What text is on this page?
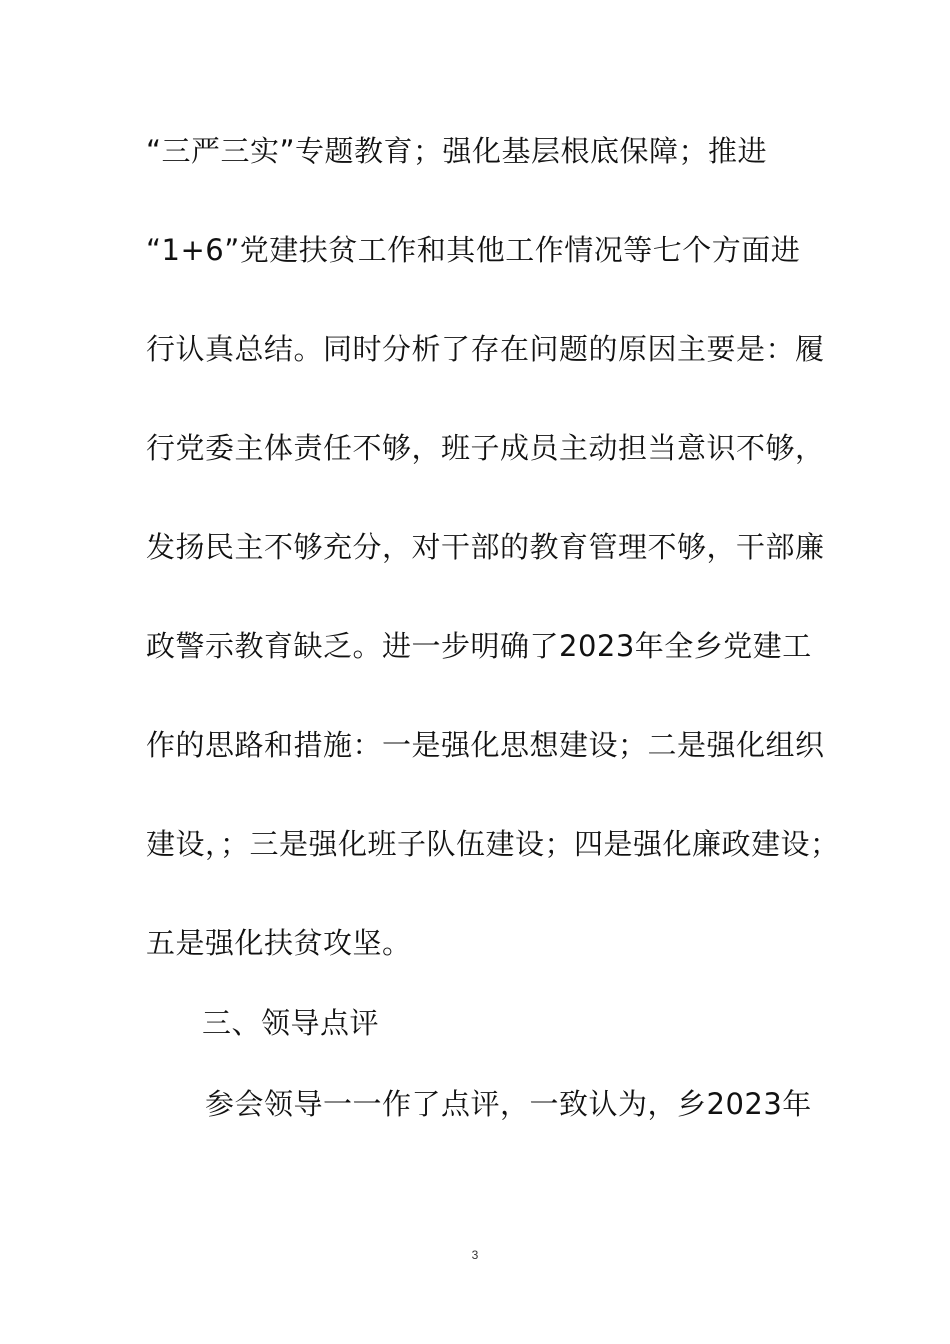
“三严三实”专题教育；强化基层根底保障；推进
“1+6”党建扶贫工作和其他工作情况等七个方面进
行认真总结。同时分析了存在问题的原因主要是：履
行党委主体责任不够，班子成员主动担当意识不够，
发扬民主不够充分，对干部的教育管理不够，干部廉
政警示教育缺乏。进一步明确了2023年全乡党建工
作的思路和措施：一是强化思想建设；二是强化组织
建设，；三是强化班子队伍建设；四是强化廉政建设；
五是强化扶贫攻坚。
三、领导点评
参会领导一一作了点评，一致认为，乡2023年
3
